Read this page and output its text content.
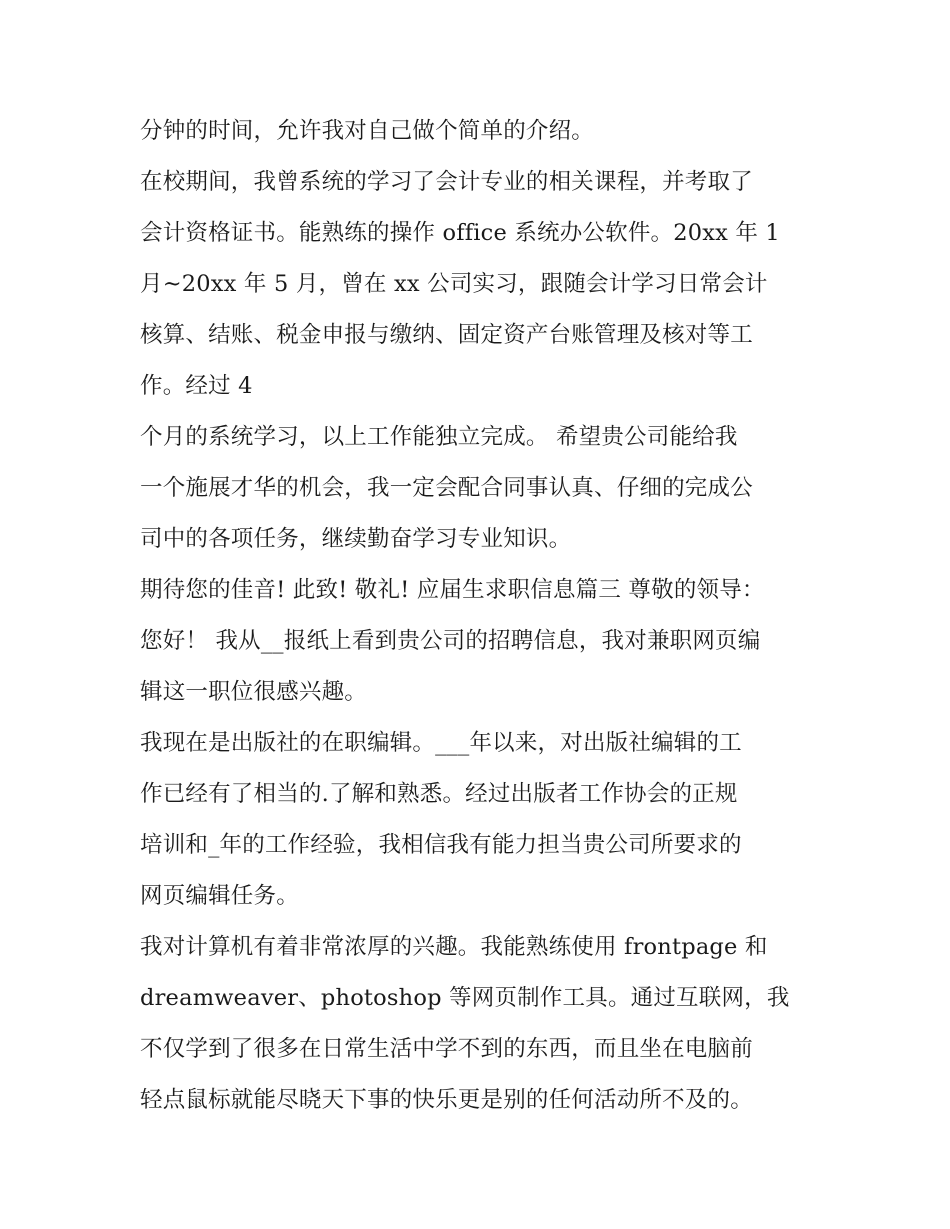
分钟的时间，允许我对自己做个简单的介绍。
在校期间，我曾系统的学习了会计专业的相关课程，并考取了
会计资格证书。能熟练的操作 office 系统办公软件。20xx 年 1
月~20xx 年 5 月，曾在 xx 公司实习，跟随会计学习日常会计
核算、结账、税金申报与缴纳、固定资产台账管理及核对等工
作。经过 4
个月的系统学习，以上工作能独立完成。 希望贵公司能给我
一个施展才华的机会，我一定会配合同事认真、仔细的完成公
司中的各项任务，继续勤奋学习专业知识。
期待您的佳音! 此致! 敬礼! 应届生求职信息篇三 尊敬的领导：
您好！ 我从__报纸上看到贵公司的招聘信息，我对兼职网页编
辑这一职位很感兴趣。
我现在是出版社的在职编辑。___年以来，对出版社编辑的工
作已经有了相当的.了解和熟悉。经过出版者工作协会的正规
培训和_年的工作经验，我相信我有能力担当贵公司所要求的
网页编辑任务。
我对计算机有着非常浓厚的兴趣。我能熟练使用 frontpage 和
dreamweaver、photoshop 等网页制作工具。通过互联网，我
不仅学到了很多在日常生活中学不到的东西，而且坐在电脑前
轻点鼠标就能尽晓天下事的快乐更是别的任何活动所不及的。
